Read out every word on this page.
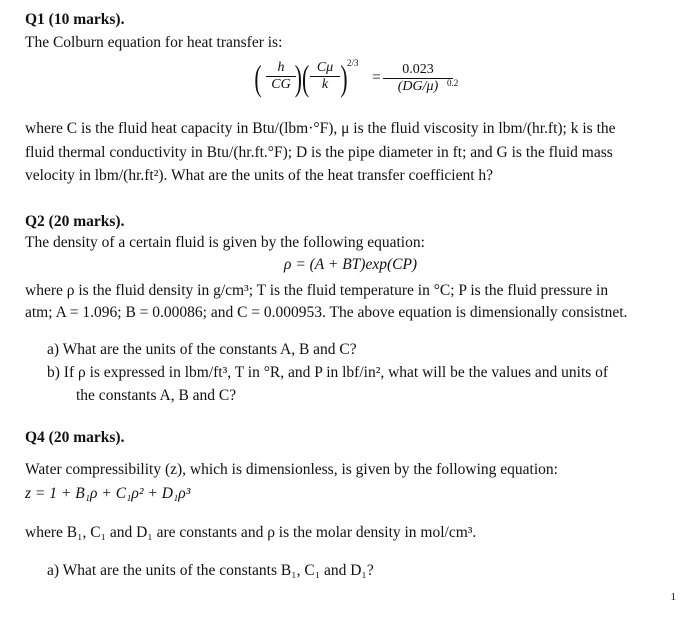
Q1 (10 marks).
The Colburn equation for heat transfer is:
( $\frac{h}{CG}$
)( $\frac{C\mu}{k}$ ) 2/3
= $\frac{0.023}{(DG/\mu)}$
0.2
where C is the fluid heat capacity in Btu/(lbm·°F), μ is the fluid viscosity in lbm/(hr.ft); k is the
fluid thermal conductivity in Btu/(hr.ft.°F); D is the pipe diameter in ft; and G is the fluid mass
velocity in lbm/(hr.ft²). What are the units of the heat transfer coefficient h?
Q2 (20 marks).
The density of a certain fluid is given by the following equation:
ρ = (A + BT)exp(CP)
where ρ is the fluid density in g/cm³; T is the fluid temperature in °C; P is the fluid pressure in
atm; A = 1.096; B = 0.00086; and C = 0.000953. The above equation is dimensionally consistnet.
a) What are the units of the constants A, B and C?
b) If ρ is expressed in lbm/ft³, T in °R, and P in lbf/in², what will be the values and units of
the constants A, B and C?
Q4 (20 marks).
Water compressibility (z), which is dimensionless, is given by the following equation:
z = 1 + B₁ρ + C₁ρ² + D₁ρ³
where B₁, C₁ and D₁ are constants and ρ is the molar density in mol/cm³.
a) What are the units of the constants B₁, C₁ and D₁?
1
